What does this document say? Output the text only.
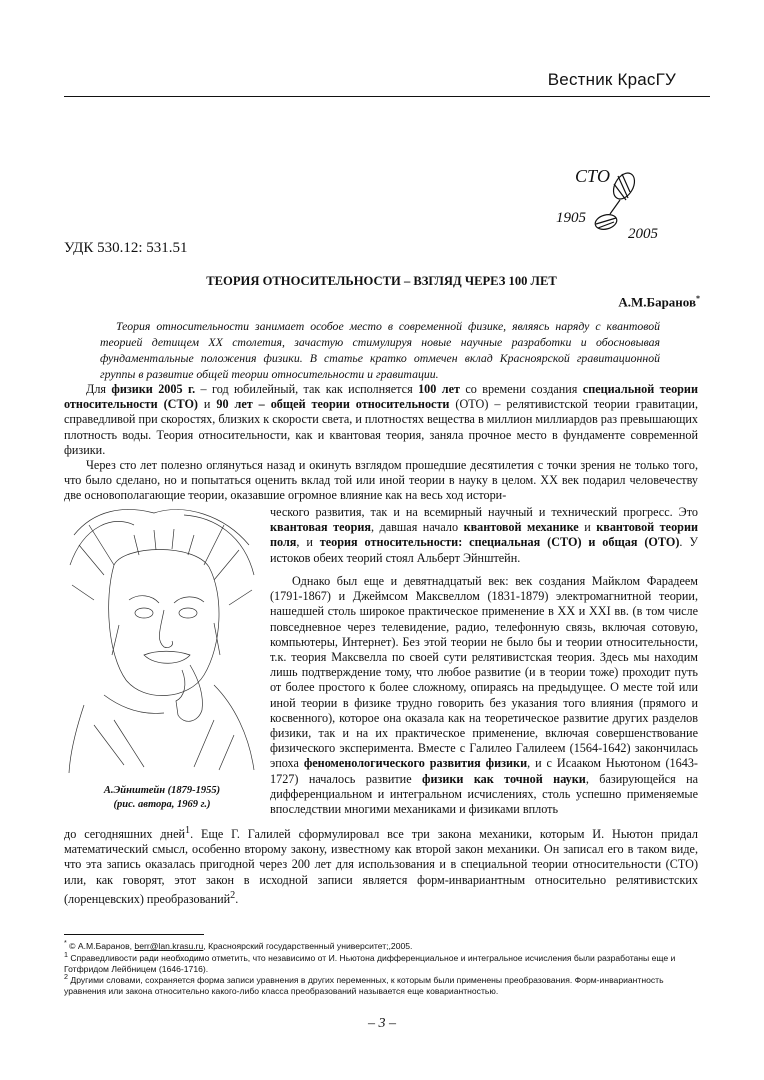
Вестник КрасГУ
СТО
1905
2005
УДК 530.12: 531.51
ТЕОРИЯ ОТНОСИТЕЛЬНОСТИ – ВЗГЛЯД ЧЕРЕЗ 100 ЛЕТ
А.М.Баранов*
Теория относительности занимает особое место в современной физике, являясь наряду с квантовой теорией детищем XX столетия, зачастую стимулируя новые научные разработки и обосновывая фундаментальные положения физики. В статье кратко отмечен вклад Красноярской гравитационной группы в развитие общей теории относительности и гравитации.
Для физики 2005 г. – год юбилейный, так как исполняется 100 лет со времени создания специальной теории относительности (СТО) и 90 лет – общей теории относительности (ОТО) – релятивистской теории гравитации, справедливой при скоростях, близких к скорости света, и плотностях вещества в миллион миллиардов раз превышающих плотность воды. Теория относительности, как и квантовая теория, заняла прочное место в фундаменте современной физики.
Через сто лет полезно оглянуться назад и окинуть взглядом прошедшие десятилетия с точки зрения не только того, что было сделано, но и попытаться оценить вклад той или иной теории в науку в целом. XX век подарил человечеству две основополагающие теории, оказавшие огромное влияние как на весь ход истори-
ческого развития, так и на всемирный научный и технический прогресс. Это квантовая теория, давшая начало квантовой механике и квантовой теории поля, и теория относительности: специальная (СТО) и общая (ОТО). У истоков обеих теорий стоял Альберт Эйнштейн.
А.Эйнштейн (1879-1955)
(рис. автора, 1969 г.)
Однако был еще и девятнадцатый век: век создания Майклом Фарадеем (1791-1867) и Джеймсом Максвеллом (1831-1879) электромагнитной теории, нашедшей столь широкое практическое применение в XX и XXI вв. (в том числе повседневное через телевидение, радио, телефонную связь, включая сотовую, компьютеры, Интернет). Без этой теории не было бы и теории относительности, т.к. теория Максвелла по своей сути релятивистская теория. Здесь мы находим лишь подтверждение тому, что любое развитие (и в теории тоже) проходит путь от более простого к более сложному, опираясь на предыдущее. О месте той или иной теории в физике трудно говорить без указания того влияния (прямого и косвенного), которое она оказала как на теоретическое развитие других разделов физики, так и на их практическое применение, включая совершенствование физического эксперимента. Вместе с Галилео Галилеем (1564-1642) закончилась эпоха феноменологического развития физики, и с Исааком Ньютоном (1643-1727) началось развитие физики как точной науки, базирующейся на дифференциальном и интегральном исчислениях, столь успешно применяемые впоследствии многими механиками и физиками вплоть
до сегодняшних дней$^1$. Еще Г. Галилей сформулировал все три закона механики, которым И. Ньютон придал математический смысл, особенно второму закону, известному как второй закон механики. Он записал его в таком виде, что эта запись оказалась пригодной через 200 лет для использования и в специальной теории относительности (СТО) или, как говорят, этот закон в исходной записи является форм-инвариантным относительно релятивистских (лоренцевских) преобразований$^2$.
* © А.М.Баранов, berr@lan.krasu.ru, Красноярский государственный университет;,2005.
$^1$ Справедливости ради необходимо отметить, что независимо от И. Ньютона дифференциальное и интегральное исчисления были разработаны еще и Готфридом Лейбницем (1646-1716).
$^2$ Другими словами, сохраняется форма записи уравнения в других переменных, к которым были применены преобразования. Форм-инвариантность уравнения или закона относительно какого-либо класса преобразований называется еще ковариантностью.
– 3 –
